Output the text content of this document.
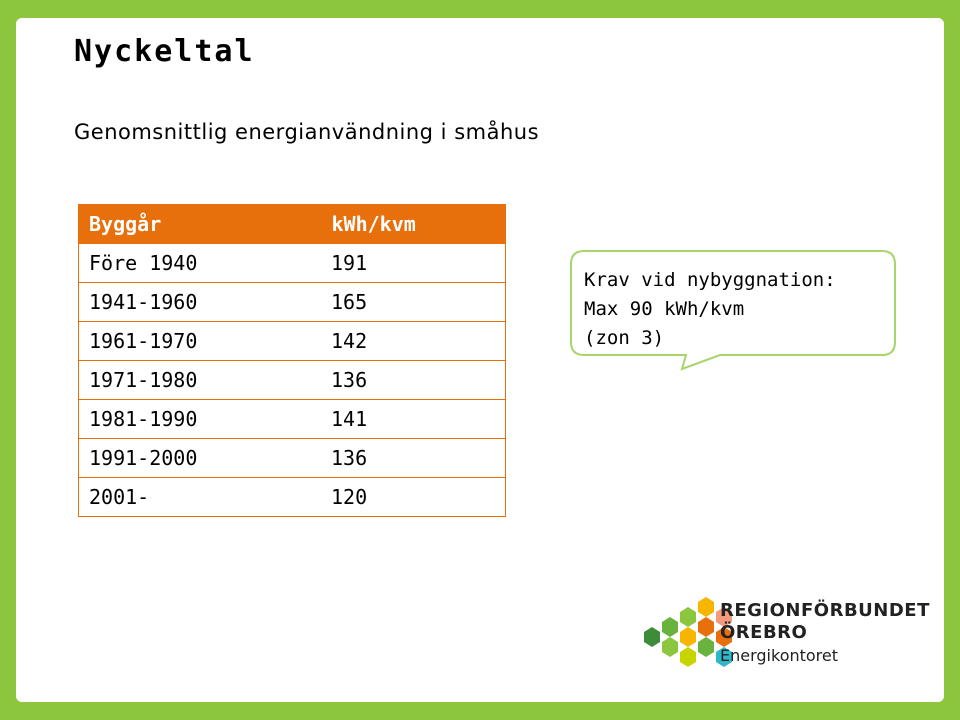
Nyckeltal
Genomsnittlig energianvändning i småhus
Byggår	kWh/kvm
Före 1940	191
1941-1960	165
1961-1970	142
1971-1980	136
1981-1990	141
1991-2000	136
2001-	120
Krav vid nybyggnation:
Max 90 kWh/kvm
(zon 3)
REGIONFÖRBUNDET
ÖREBRO
Energikontoret
